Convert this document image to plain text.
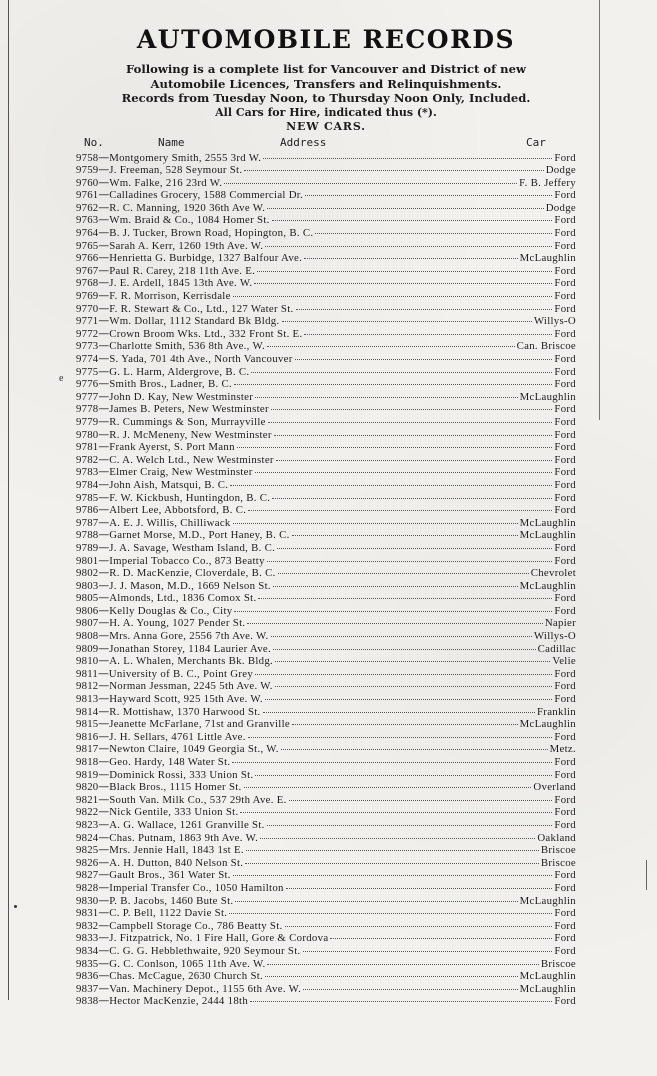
e
AUTOMOBILE RECORDS
Following is a complete list for Vancouver and District of new
Automobile Licences, Transfers and Relinquishments.
Records from Tuesday Noon, to Thursday Noon Only, Included.
All Cars for Hire, indicated thus (*).
NEW CARS.
No.	Name	Address	Car
9758 — Montgomery Smith, 2555 3rd W.	Ford
9759 — J. Freeman, 528 Seymour St.	Dodge
9760 — Wm. Falke, 216 23rd W.	F. B. Jeffery
9761 — Calladines Grocery, 1588 Commercial Dr.	Ford
9762 — R. C. Manning, 1920 36th Ave W.	Dodge
9763 — Wm. Braid & Co., 1084 Homer St.	Ford
9764 — B. J. Tucker, Brown Road, Hopington, B. C.	Ford
9765 — Sarah A. Kerr, 1260 19th Ave. W.	Ford
9766 — Henrietta G. Burbidge, 1327 Balfour Ave.	McLaughlin
9767 — Paul R. Carey, 218 11th Ave. E.	Ford
9768 — J. E. Ardell, 1845 13th Ave. W.	Ford
9769 — F. R. Morrison, Kerrisdale	Ford
9770 — F. R. Stewart & Co., Ltd., 127 Water St.	Ford
9771 — Wm. Dollar, 1112 Standard Bk Bldg.	Willys-O
9772 — Crown Broom Wks. Ltd., 332 Front St. E.	Ford
9773 — Charlotte Smith, 536 8th Ave., W.	Can. Briscoe
9774 — S. Yada, 701 4th Ave., North Vancouver	Ford
9775 — G. L. Harm, Aldergrove, B. C.	Ford
9776 — Smith Bros., Ladner, B. C.	Ford
9777 — John D. Kay, New Westminster	McLaughlin
9778 — James B. Peters, New Westminster	Ford
9779 — R. Cummings & Son, Murrayville	Ford
9780 — R. J. McMeneny, New Westminster	Ford
9781 — Frank Ayerst, S. Port Mann	Ford
9782 — C. A. Welch Ltd., New Westminster	Ford
9783 — Elmer Craig, New Westminster	Ford
9784 — John Aish, Matsqui, B. C.	Ford
9785 — F. W. Kickbush, Huntingdon, B. C.	Ford
9786 — Albert Lee, Abbotsford, B. C.	Ford
9787 — A. E. J. Willis, Chilliwack	McLaughlin
9788 — Garnet Morse, M.D., Port Haney, B. C.	McLaughlin
9789 — J. A. Savage, Westham Island, B. C.	Ford
9801 — Imperial Tobacco Co., 873 Beatty	Ford
9802 — R. D. MacKenzie, Cloverdale, B. C.	Chevrolet
9803 — J. J. Mason, M.D., 1669 Nelson St.	McLaughlin
9805 — Almonds, Ltd., 1836 Comox St.	Ford
9806 — Kelly Douglas & Co., City	Ford
9807 — H. A. Young, 1027 Pender St.	Napier
9808 — Mrs. Anna Gore, 2556 7th Ave. W.	Willys-O
9809 — Jonathan Storey, 1184 Laurier Ave.	Cadillac
9810 — A. L. Whalen, Merchants Bk. Bldg.	Velie
9811 — University of B. C., Point Grey	Ford
9812 — Norman Jessman, 2245 5th Ave. W.	Ford
9813 — Hayward Scott, 925 15th Ave. W.	Ford
9814 — R. Mottishaw, 1370 Harwood St.	Franklin
9815 — Jeanette McFarlane, 71st and Granville	McLaughlin
9816 — J. H. Sellars, 4761 Little Ave.	Ford
9817 — Newton Claire, 1049 Georgia St., W.	Metz.
9818 — Geo. Hardy, 148 Water St.	Ford
9819 — Dominick Rossi, 333 Union St.	Ford
9820 — Black Bros., 1115 Homer St.	Overland
9821 — South Van. Milk Co., 537 29th Ave. E.	Ford
9822 — Nick Gentile, 333 Union St.	Ford
9823 — A. G. Wallace, 1261 Granville St.	Ford
9824 — Chas. Putnam, 1863 9th Ave. W.	Oakland
9825 — Mrs. Jennie Hall, 1843 1st E.	Briscoe
9826 — A. H. Dutton, 840 Nelson St.	Briscoe
9827 — Gault Bros., 361 Water St.	Ford
9828 — Imperial Transfer Co., 1050 Hamilton	Ford
9830 — P. B. Jacobs, 1460 Bute St.	McLaughlin
9831 — C. P. Bell, 1122 Davie St.	Ford
9832 — Campbell Storage Co., 786 Beatty St.	Ford
9833 — J. Fitzpatrick, No. 1 Fire Hall, Gore & Cordova	Ford
9834 — C. G. G. Hebblethwaite, 920 Seymour St.	Ford
9835 — G. C. Conlson, 1065 11th Ave. W.	Briscoe
9836 — Chas. McCague, 2630 Church St.	McLaughlin
9837 — Van. Machinery Depot., 1155 6th Ave. W.	McLaughlin
9838 — Hector MacKenzie, 2444 18th	Ford
